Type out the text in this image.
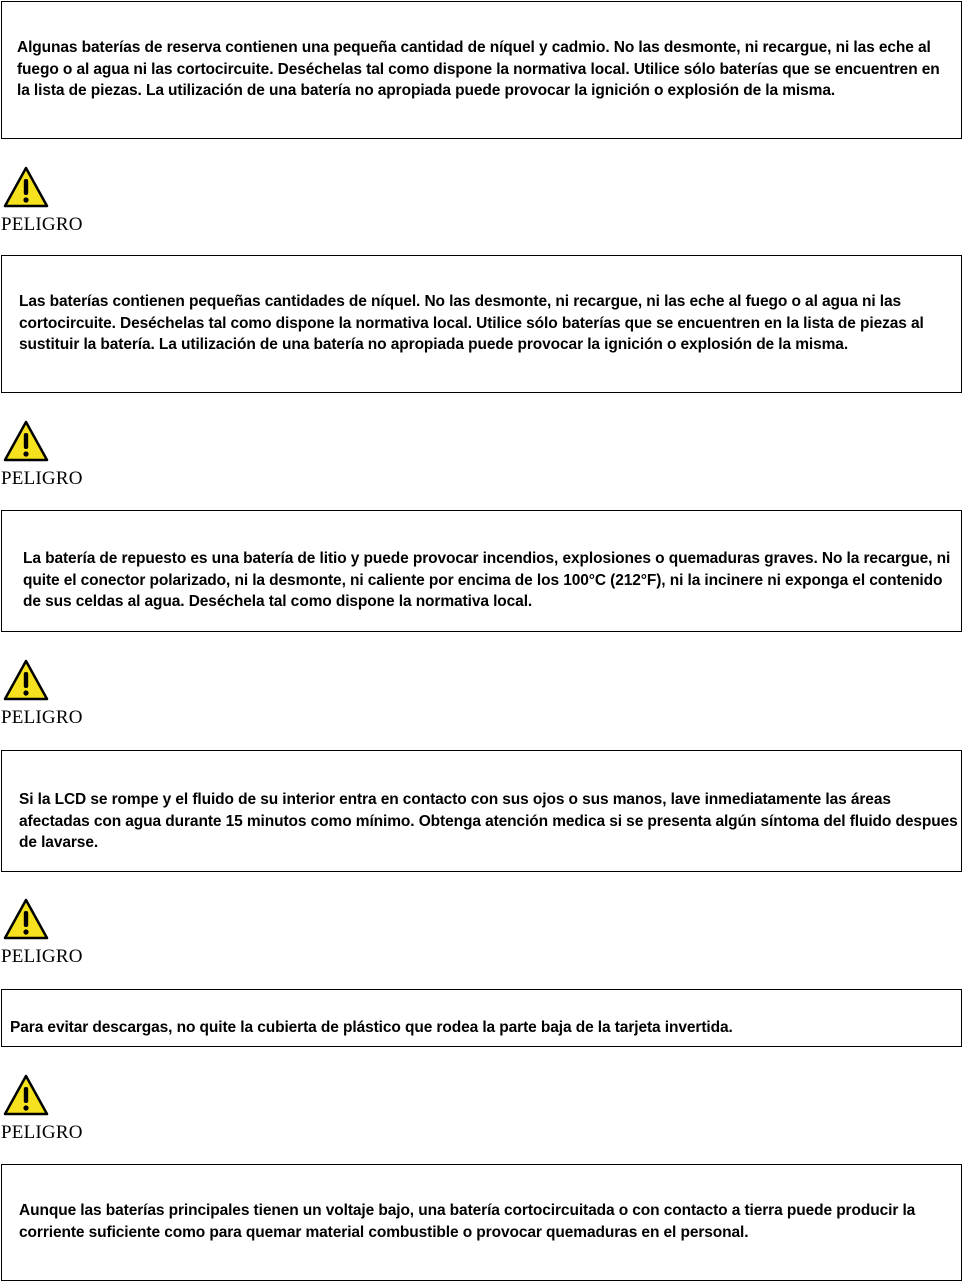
Algunas baterías de reserva contienen una pequeña cantidad de níquel y cadmio. No las desmonte, ni recargue, ni las eche al fuego o al agua ni las cortocircuite. Deséchelas tal como dispone la normativa local. Utilice sólo baterías que se encuentren en la lista de piezas. La utilización de una batería no apropiada puede provocar la ignición o explosión de la misma.

PELIGRO

Las baterías contienen pequeñas cantidades de níquel. No las desmonte, ni recargue, ni las eche al fuego o al agua ni las cortocircuite. Deséchelas tal como dispone la normativa local. Utilice sólo baterías que se encuentren en la lista de piezas al sustituir la batería. La utilización de una batería no apropiada puede provocar la ignición o explosión de la misma.

PELIGRO

La batería de repuesto es una batería de litio y puede provocar incendios, explosiones o quemaduras graves. No la recargue, ni quite el conector polarizado, ni la desmonte, ni caliente por encima de los 100°C (212°F), ni la incinere ni exponga el contenido de sus celdas al agua. Deséchela tal como dispone la normativa local.

PELIGRO

Si la LCD se rompe y el fluido de su interior entra en contacto con sus ojos o sus manos, lave inmediatamente las áreas afectadas con agua durante 15 minutos como mínimo. Obtenga atención medica si se presenta algún síntoma del fluido despues de lavarse.

PELIGRO

Para evitar descargas, no quite la cubierta de plástico que rodea la parte baja de la tarjeta invertida.

PELIGRO

Aunque las baterías principales tienen un voltaje bajo, una batería cortocircuitada o con contacto a tierra puede producir la corriente suficiente como para quemar material combustible o provocar quemaduras en el personal.
